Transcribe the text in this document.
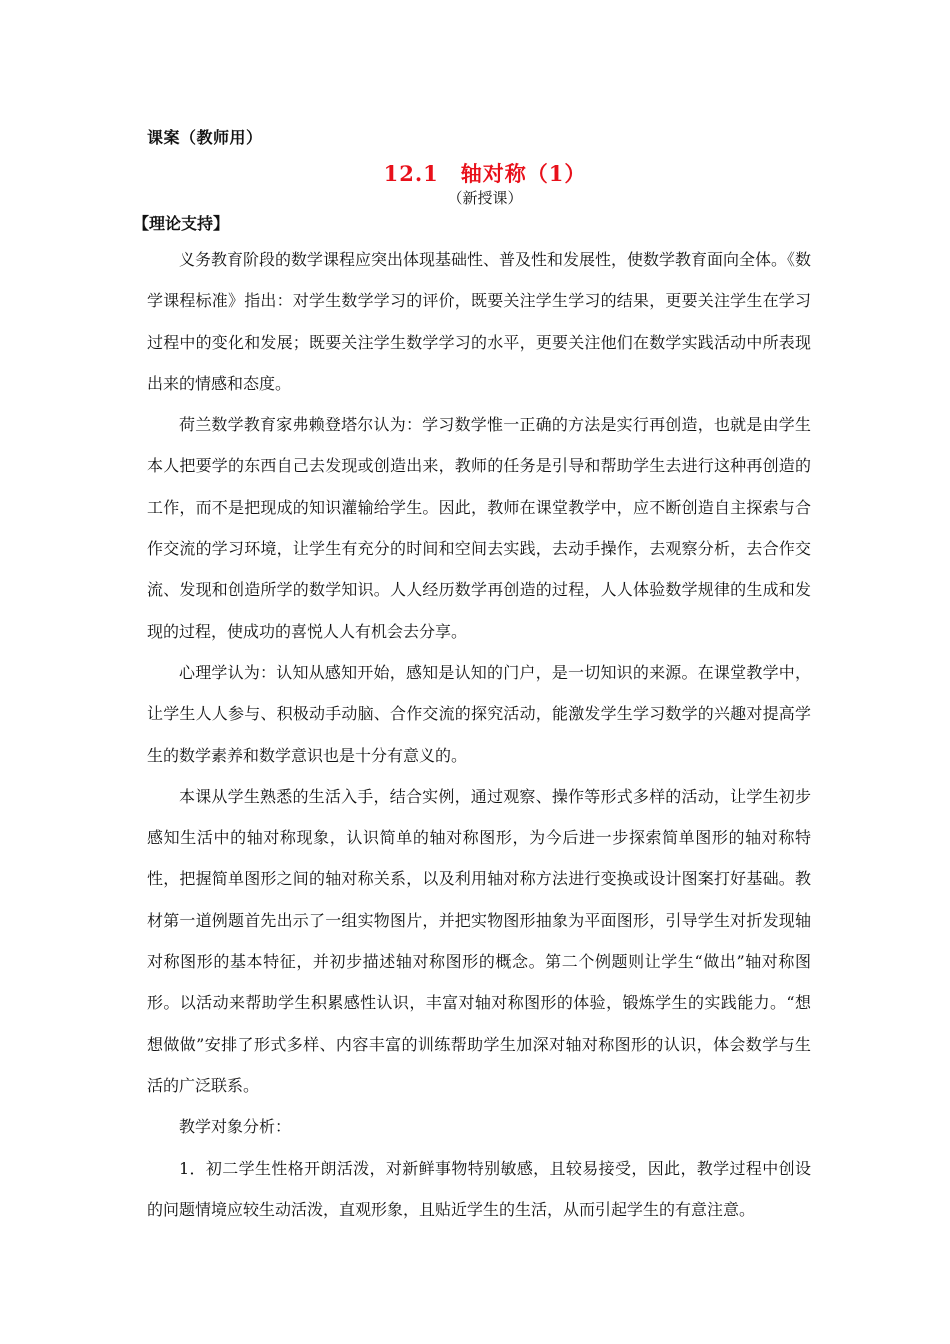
课案（教师用）
12.1　轴对称（1）
（新授课）
【理论支持】

义务教育阶段的数学课程应突出体现基础性、普及性和发展性，使数学教育面向全体。《数学课程标准》指出：对学生数学学习的评价，既要关注学生学习的结果，更要关注学生在学习过程中的变化和发展；既要关注学生数学学习的水平，更要关注他们在数学实践活动中所表现出来的情感和态度。

荷兰数学教育家弗赖登塔尔认为：学习数学惟一正确的方法是实行再创造，也就是由学生本人把要学的东西自己去发现或创造出来，教师的任务是引导和帮助学生去进行这种再创造的工作，而不是把现成的知识灌输给学生。因此，教师在课堂教学中，应不断创造自主探索与合作交流的学习环境，让学生有充分的时间和空间去实践，去动手操作，去观察分析，去合作交流、发现和创造所学的数学知识。人人经历数学再创造的过程，人人体验数学规律的生成和发现的过程，使成功的喜悦人人有机会去分享。

心理学认为：认知从感知开始，感知是认知的门户，是一切知识的来源。在课堂教学中，让学生人人参与、积极动手动脑、合作交流的探究活动，能激发学生学习数学的兴趣对提高学生的数学素养和数学意识也是十分有意义的。

本课从学生熟悉的生活入手，结合实例，通过观察、操作等形式多样的活动，让学生初步感知生活中的轴对称现象，认识简单的轴对称图形，为今后进一步探索简单图形的轴对称特性，把握简单图形之间的轴对称关系，以及利用轴对称方法进行变换或设计图案打好基础。教材第一道例题首先出示了一组实物图片，并把实物图形抽象为平面图形，引导学生对折发现轴对称图形的基本特征，并初步描述轴对称图形的概念。第二个例题则让学生“做出”轴对称图形。以活动来帮助学生积累感性认识，丰富对轴对称图形的体验，锻炼学生的实践能力。“想想做做”安排了形式多样、内容丰富的训练帮助学生加深对轴对称图形的认识，体会数学与生活的广泛联系。

教学对象分析：

1．初二学生性格开朗活泼，对新鲜事物特别敏感，且较易接受，因此，教学过程中创设的问题情境应较生动活泼，直观形象，且贴近学生的生活，从而引起学生的有意注意。
